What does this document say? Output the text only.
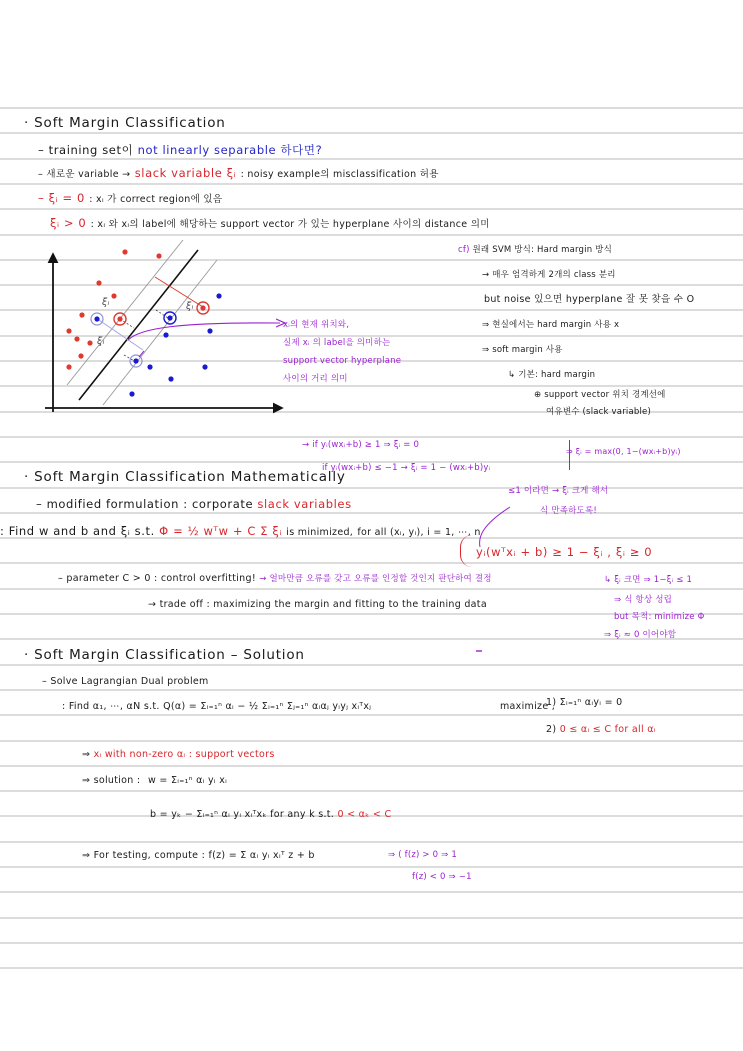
· Soft Margin Classification
– training set이 not linearly separable 하다면?
– 새로운 variable → slack variable ξᵢ : noisy example의 misclassification 허용
– ξᵢ = 0 : xᵢ 가 correct region에 있음
ξᵢ > 0 : xᵢ 와 xᵢ의 label에 해당하는 support vector 가 있는 hyperplane 사이의 distance 의미
ξᵢ
ξᵢ
ξᵢ
xᵢ의 현재 위치와,
실제 xᵢ 의 label을 의미하는
support vector hyperplane
사이의 거리 의미
cf) 원래 SVM 방식: Hard margin 방식
→ 매우 엄격하게 2개의 class 분리
but noise 있으면 hyperplane 잘 못 찾을 수 O
⇒ 현실에서는 hard margin 사용 x
⇒ soft margin 사용
↳ 기본: hard margin
⊕ support vector 위치 경계선에
여유변수 (slack variable)
→ if yᵢ(wxᵢ+b) ≥ 1 ⇒ ξᵢ = 0
if yᵢ(wxᵢ+b) ≤ −1 → ξᵢ = 1 − (wxᵢ+b)yᵢ
⇒ ξᵢ = max(0, 1−(wxᵢ+b)yᵢ)
≤1 이라면 → ξᵢ 크게 해서
식 만족하도록!
· Soft Margin Classification Mathematically
– modified formulation : corporate slack variables
: Find w and b and ξᵢ s.t. Φ = ½ wᵀw + C Σ ξᵢ is minimized, for all (xᵢ, yᵢ), i = 1, ⋯, n
yᵢ(wᵀxᵢ + b) ≥ 1 − ξᵢ , ξᵢ ≥ 0
– parameter C > 0 : control overfitting! → 얼마만큼 오류를 갖고 오류를 인정할 것인지 판단하여 결정
→ trade off : maximizing the margin and fitting to the training data
↳ ξᵢ 크면 ⇒ 1−ξᵢ ≤ 1
⇒ 식 항상 성립
but 목적: minimize Φ
⇒ ξᵢ ≈ 0 이어야함
· Soft Margin Classification – Solution
– Solve Lagrangian Dual problem
: Find α₁, ⋯, αN s.t. Q(α) = Σᵢ₌₁ⁿ αᵢ − ½ Σᵢ₌₁ⁿ Σⱼ₌₁ⁿ αᵢαⱼ yᵢyⱼ xᵢᵀxⱼ	maximize ,
1) Σᵢ₌₁ⁿ αᵢyᵢ = 0
2) 0 ≤ αᵢ ≤ C for all αᵢ
⇒ xᵢ with non-zero αᵢ : support vectors
⇒ solution : w = Σᵢ₌₁ⁿ αᵢ yᵢ xᵢ
b = yₖ − Σᵢ₌₁ⁿ αᵢ yᵢ xᵢᵀxₖ for any k s.t. 0 < αₖ < C
⇒ For testing, compute : f(z) = Σ αᵢ yᵢ xᵢᵀ z + b	⇒ ( f(z) > 0 ⇒ 1
f(z) < 0 ⇒ −1
